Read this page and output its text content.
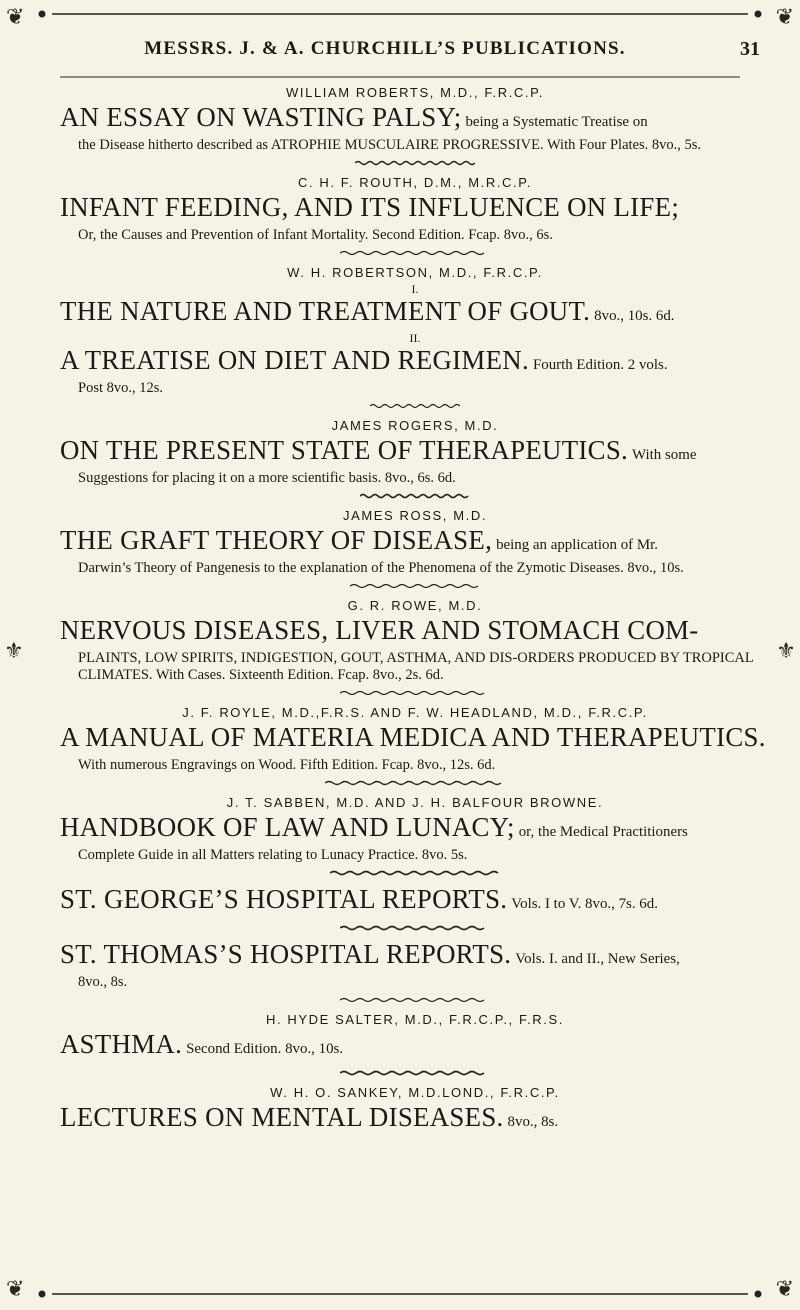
MESSRS. J. & A. CHURCHILL’S PUBLICATIONS.	31
❦	❦
⚜	⚜
❦	❦

WILLIAM ROBERTS, M.D., F.R.C.P.

AN ESSAY ON WASTING PALSY; being a Systematic Treatise on

the Disease hitherto described as ATROPHIE MUSCULAIRE PROGRESSIVE. With Four Plates. 8vo., 5s.

C. H. F. ROUTH, D.M., M.R.C.P.

INFANT FEEDING, AND ITS INFLUENCE ON LIFE;

Or, the Causes and Prevention of Infant Mortality. Second Edition. Fcap. 8vo., 6s.

W. H. ROBERTSON, M.D., F.R.C.P.

I.

THE NATURE AND TREATMENT OF GOUT. 8vo., 10s. 6d.

II.

A TREATISE ON DIET AND REGIMEN. Fourth Edition. 2 vols.

Post 8vo., 12s.

JAMES ROGERS, M.D.

ON THE PRESENT STATE OF THERAPEUTICS. With some

Suggestions for placing it on a more scientific basis. 8vo., 6s. 6d.

JAMES ROSS, M.D.

THE GRAFT THEORY OF DISEASE, being an application of Mr.

Darwin’s Theory of Pangenesis to the explanation of the Phenomena of the Zymotic Diseases. 8vo., 10s.

G. R. ROWE, M.D.

NERVOUS DISEASES, LIVER AND STOMACH COM-

PLAINTS, LOW SPIRITS, INDIGESTION, GOUT, ASTHMA, AND DIS-ORDERS PRODUCED BY TROPICAL CLIMATES. With Cases. Sixteenth Edition. Fcap. 8vo., 2s. 6d.

J. F. ROYLE, M.D.,F.R.S. AND F. W. HEADLAND, M.D., F.R.C.P.

A MANUAL OF MATERIA MEDICA AND THERAPEUTICS.

With numerous Engravings on Wood. Fifth Edition. Fcap. 8vo., 12s. 6d.

J. T. SABBEN, M.D. AND J. H. BALFOUR BROWNE.

HANDBOOK OF LAW AND LUNACY; or, the Medical Practitioners

Complete Guide in all Matters relating to Lunacy Practice. 8vo. 5s.

ST. GEORGE’S HOSPITAL REPORTS. Vols. I to V. 8vo., 7s. 6d.

ST. THOMAS’S HOSPITAL REPORTS. Vols. I. and II., New Series,

8vo., 8s.

H. HYDE SALTER, M.D., F.R.C.P., F.R.S.

ASTHMA. Second Edition. 8vo., 10s.

W. H. O. SANKEY, M.D.LOND., F.R.C.P.

LECTURES ON MENTAL DISEASES. 8vo., 8s.
